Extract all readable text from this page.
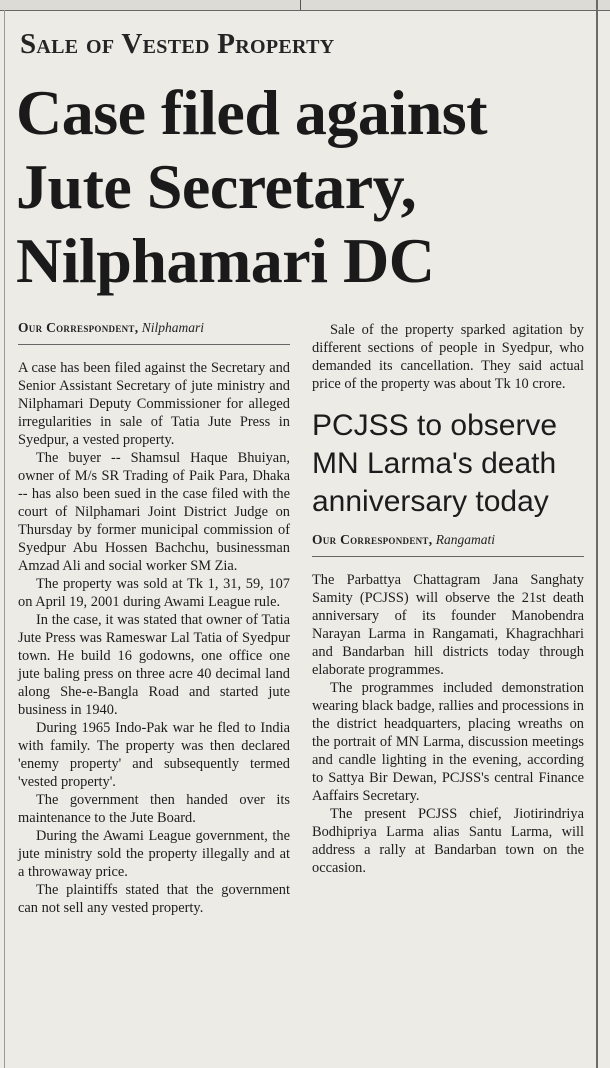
Sale of Vested Property
Case filed against
Jute Secretary,
Nilphamari DC

Our Correspondent, Nilphamari

A case has been filed against the Secretary and Senior Assistant Secretary of jute ministry and Nilphamari Deputy Commissioner for alleged irregularities in sale of Tatia Jute Press in Syedpur, a vested property.

The buyer -- Shamsul Haque Bhuiyan, owner of M/s SR Trading of Paik Para, Dhaka -- has also been sued in the case filed with the court of Nilphamari Joint District Judge on Thursday by former municipal commission of Syedpur Abu Hossen Bachchu, businessman Amzad Ali and social worker SM Zia.

The property was sold at Tk 1, 31, 59, 107 on April 19, 2001 during Awami League rule.

In the case, it was stated that owner of Tatia Jute Press was Rameswar Lal Tatia of Syedpur town. He build 16 godowns, one office one jute baling press on three acre 40 decimal land along She-e-Bangla Road and started jute business in 1940.

During 1965 Indo-Pak war he fled to India with family. The property was then declared 'enemy property' and subsequently termed 'vested property'.

The government then handed over its maintenance to the Jute Board.

During the Awami League government, the jute ministry sold the property illegally and at a throwaway price.

The plaintiffs stated that the government can not sell any vested property.

Sale of the property sparked agitation by different sections of people in Syedpur, who demanded its cancellation. They said actual price of the property was about Tk 10 crore.

PCJSS to observe MN Larma's death anniversary today

Our Correspondent, Rangamati

The Parbattya Chattagram Jana Sanghaty Samity (PCJSS) will observe the 21st death anniversary of its founder Manobendra Narayan Larma in Rangamati, Khagrachhari and Bandarban hill districts today through elaborate programmes.

The programmes included demonstration wearing black badge, rallies and processions in the district headquarters, placing wreaths on the portrait of MN Larma, discussion meetings and candle lighting in the evening, according to Sattya Bir Dewan, PCJSS's central Finance Aaffairs Secretary.

The present PCJSS chief, Jiotirindriya Bodhipriya Larma alias Santu Larma, will address a rally at Bandarban town on the occasion.
